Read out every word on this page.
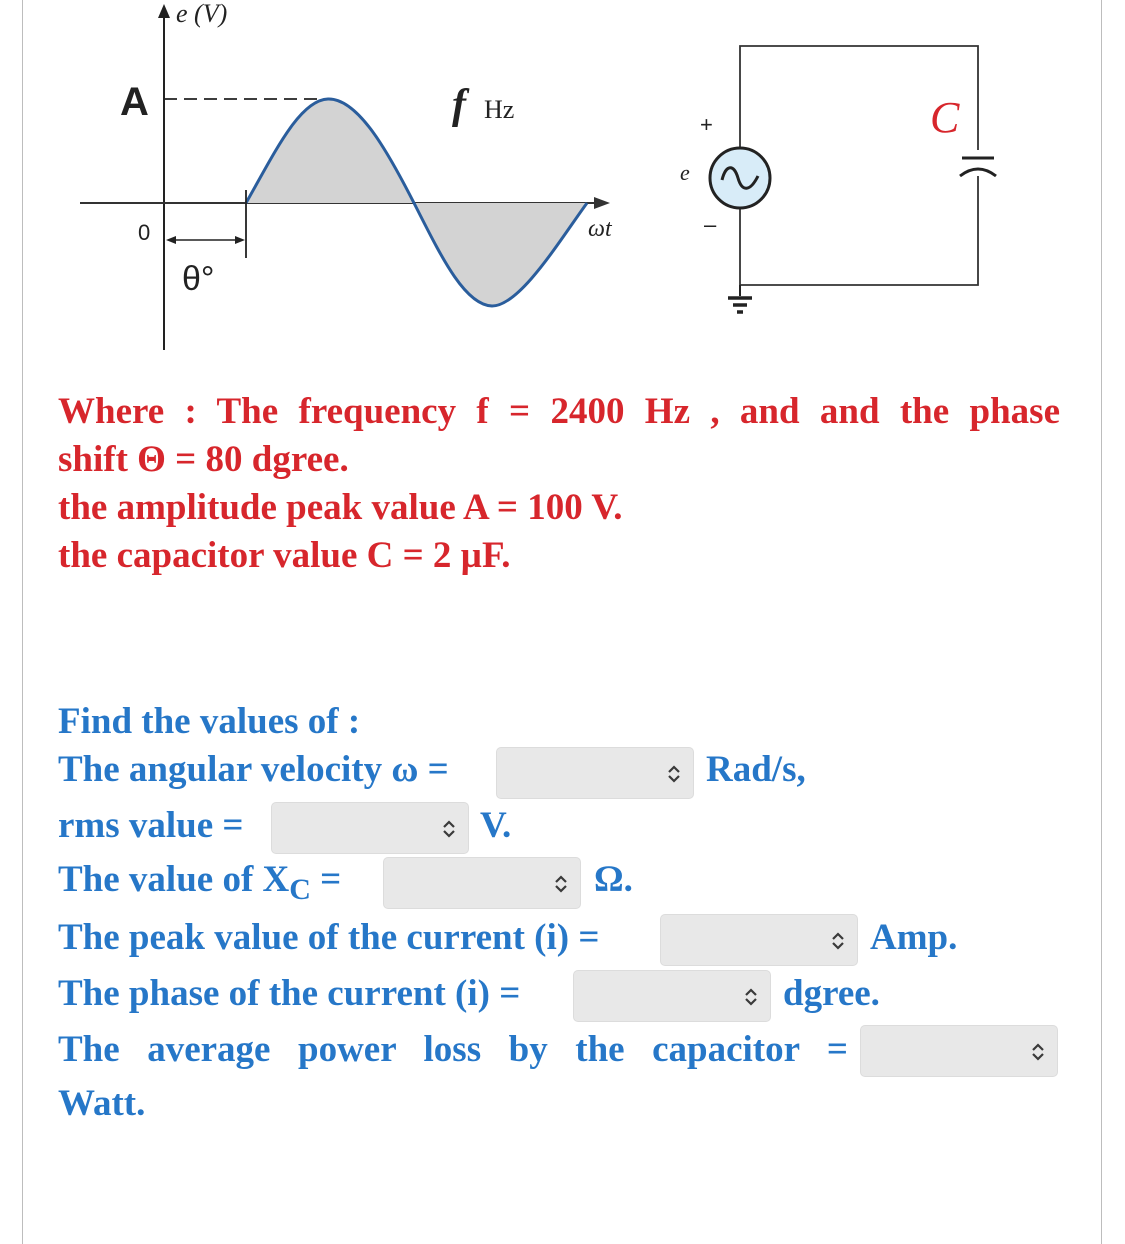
e (V)
ωt
A
0
θ°
f Hz
+
–
e
C
Where : The frequency f = 2400 Hz , and and the phase
shift Θ = 80 dgree.
the amplitude peak value A = 100 V.
the capacitor value C = 2 µF.
Find the values of :
The angular velocity ω =	Rad/s,
rms value =	V.
The value of $X_C$ =	Ω.
The peak value of the current (i) =	Amp.
The phase of the current (i) =	dgree.
The average power loss by the capacitor =
Watt.
